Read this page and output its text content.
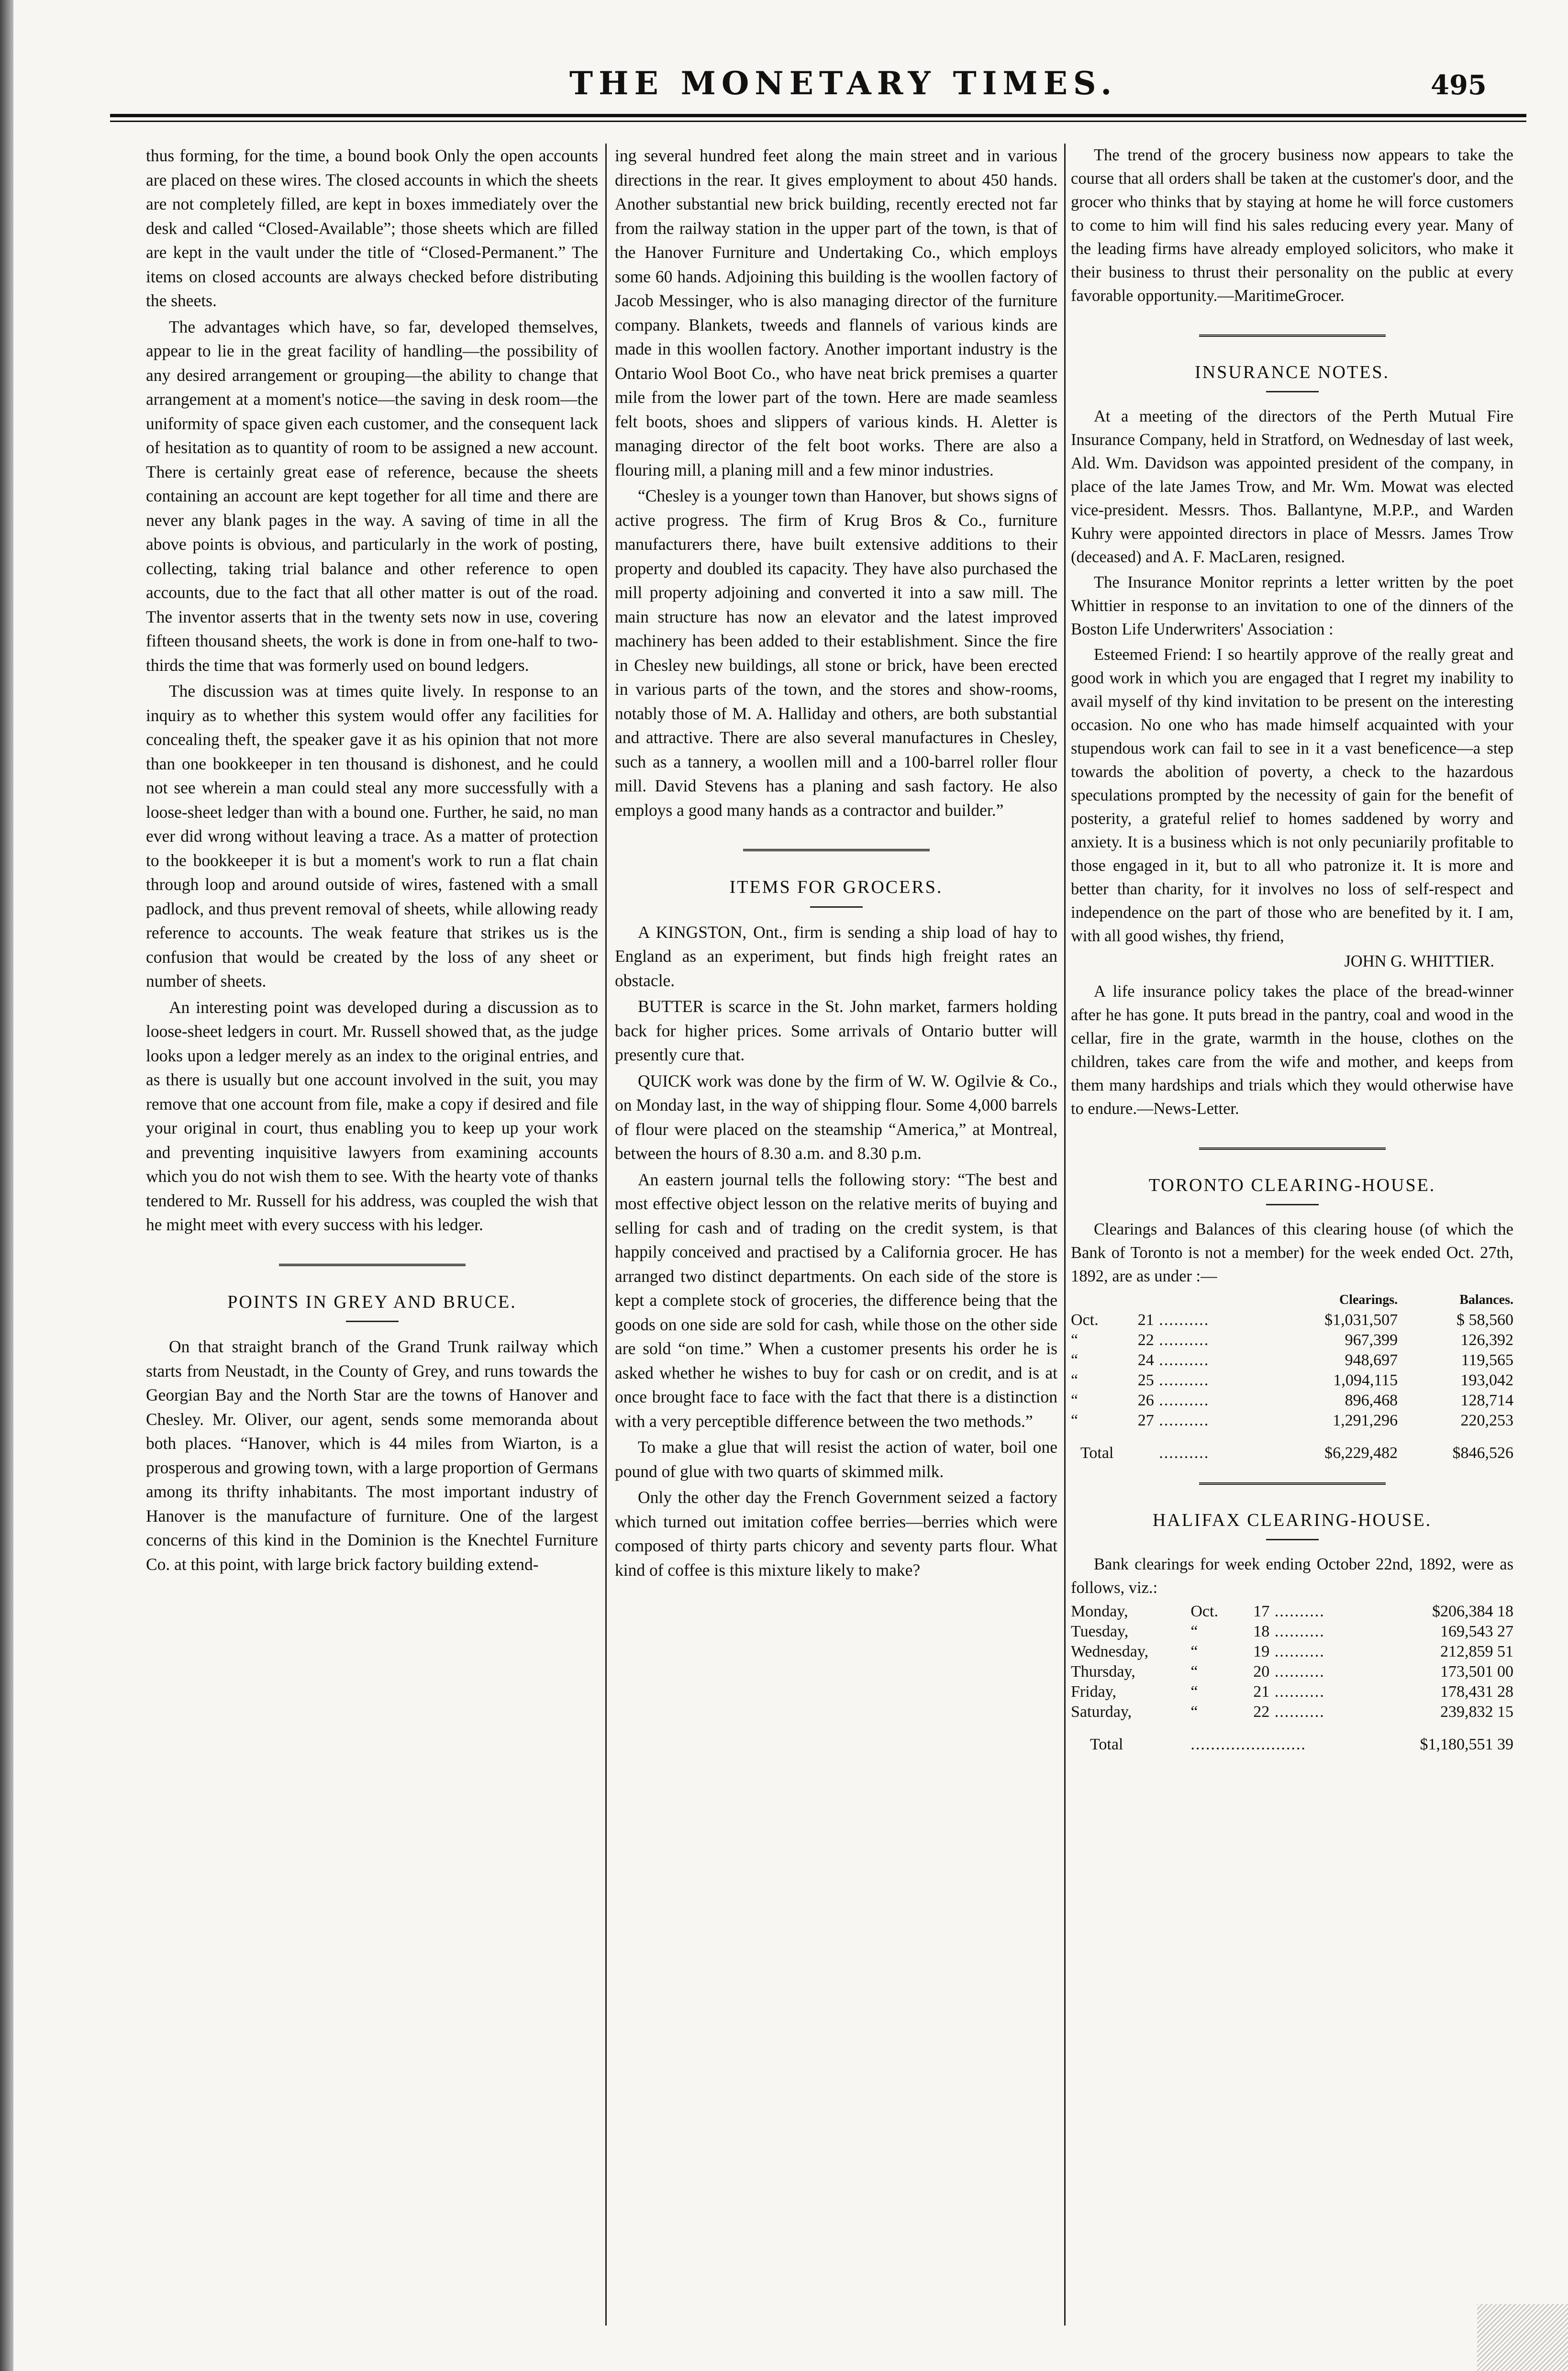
THE MONETARY TIMES.	495

thus forming, for the time, a bound book Only the open accounts are placed on these wires. The closed accounts in which the sheets are not completely filled, are kept in boxes immediately over the desk and called “Closed-Available”; those sheets which are filled are kept in the vault under the title of “Closed-Permanent.” The items on closed accounts are always checked before distributing the sheets.

The advantages which have, so far, developed themselves, appear to lie in the great facility of handling—the possibility of any desired arrangement or grouping—the ability to change that arrangement at a moment's notice—the saving in desk room—the uniformity of space given each customer, and the consequent lack of hesitation as to quantity of room to be assigned a new account. There is certainly great ease of reference, because the sheets containing an account are kept together for all time and there are never any blank pages in the way. A saving of time in all the above points is obvious, and particularly in the work of posting, collecting, taking trial balance and other reference to open accounts, due to the fact that all other matter is out of the road. The inventor asserts that in the twenty sets now in use, covering fifteen thousand sheets, the work is done in from one-half to two-thirds the time that was formerly used on bound ledgers.

The discussion was at times quite lively. In response to an inquiry as to whether this system would offer any facilities for concealing theft, the speaker gave it as his opinion that not more than one bookkeeper in ten thousand is dishonest, and he could not see wherein a man could steal any more successfully with a loose-sheet ledger than with a bound one. Further, he said, no man ever did wrong without leaving a trace. As a matter of protection to the bookkeeper it is but a moment's work to run a flat chain through loop and around outside of wires, fastened with a small padlock, and thus prevent removal of sheets, while allowing ready reference to accounts. The weak feature that strikes us is the confusion that would be created by the loss of any sheet or number of sheets.

An interesting point was developed during a discussion as to loose-sheet ledgers in court. Mr. Russell showed that, as the judge looks upon a ledger merely as an index to the original entries, and as there is usually but one account involved in the suit, you may remove that one account from file, make a copy if desired and file your original in court, thus enabling you to keep up your work and preventing inquisitive lawyers from examining accounts which you do not wish them to see. With the hearty vote of thanks tendered to Mr. Russell for his address, was coupled the wish that he might meet with every success with his ledger.

POINTS IN GREY AND BRUCE.

On that straight branch of the Grand Trunk railway which starts from Neustadt, in the County of Grey, and runs towards the Georgian Bay and the North Star are the towns of Hanover and Chesley. Mr. Oliver, our agent, sends some memoranda about both places. “Hanover, which is 44 miles from Wiarton, is a prosperous and growing town, with a large proportion of Germans among its thrifty inhabitants. The most important industry of Hanover is the manufacture of furniture. One of the largest concerns of this kind in the Dominion is the Knechtel Furniture Co. at this point, with large brick factory building extend-

ing several hundred feet along the main street and in various directions in the rear. It gives employment to about 450 hands. Another substantial new brick building, recently erected not far from the railway station in the upper part of the town, is that of the Hanover Furniture and Undertaking Co., which employs some 60 hands. Adjoining this building is the woollen factory of Jacob Messinger, who is also managing director of the furniture company. Blankets, tweeds and flannels of various kinds are made in this woollen factory. Another important industry is the Ontario Wool Boot Co., who have neat brick premises a quarter mile from the lower part of the town. Here are made seamless felt boots, shoes and slippers of various kinds. H. Aletter is managing director of the felt boot works. There are also a flouring mill, a planing mill and a few minor industries.

“Chesley is a younger town than Hanover, but shows signs of active progress. The firm of Krug Bros & Co., furniture manufacturers there, have built extensive additions to their property and doubled its capacity. They have also purchased the mill property adjoining and converted it into a saw mill. The main structure has now an elevator and the latest improved machinery has been added to their establishment. Since the fire in Chesley new buildings, all stone or brick, have been erected in various parts of the town, and the stores and show-rooms, notably those of M. A. Halliday and others, are both substantial and attractive. There are also several manufactures in Chesley, such as a tannery, a woollen mill and a 100-barrel roller flour mill. David Stevens has a planing and sash factory. He also employs a good many hands as a contractor and builder.”

ITEMS FOR GROCERS.

A KINGSTON, Ont., firm is sending a ship load of hay to England as an experiment, but finds high freight rates an obstacle.

BUTTER is scarce in the St. John market, farmers holding back for higher prices. Some arrivals of Ontario butter will presently cure that.

QUICK work was done by the firm of W. W. Ogilvie & Co., on Monday last, in the way of shipping flour. Some 4,000 barrels of flour were placed on the steamship “America,” at Montreal, between the hours of 8.30 a.m. and 8.30 p.m.

An eastern journal tells the following story: “The best and most effective object lesson on the relative merits of buying and selling for cash and of trading on the credit system, is that happily conceived and practised by a California grocer. He has arranged two distinct departments. On each side of the store is kept a complete stock of groceries, the difference being that the goods on one side are sold for cash, while those on the other side are sold “on time.” When a customer presents his order he is asked whether he wishes to buy for cash or on credit, and is at once brought face to face with the fact that there is a distinction with a very perceptible difference between the two methods.”

To make a glue that will resist the action of water, boil one pound of glue with two quarts of skimmed milk.

Only the other day the French Government seized a factory which turned out imitation coffee berries—berries which were composed of thirty parts chicory and seventy parts flour. What kind of coffee is this mixture likely to make?

The trend of the grocery business now appears to take the course that all orders shall be taken at the customer's door, and the grocer who thinks that by staying at home he will force customers to come to him will find his sales reducing every year. Many of the leading firms have already employed solicitors, who make it their business to thrust their personality on the public at every favorable opportunity.—MaritimeGrocer.

INSURANCE NOTES.

At a meeting of the directors of the Perth Mutual Fire Insurance Company, held in Stratford, on Wednesday of last week, Ald. Wm. Davidson was appointed president of the company, in place of the late James Trow, and Mr. Wm. Mowat was elected vice-president. Messrs. Thos. Ballantyne, M.P.P., and Warden Kuhry were appointed directors in place of Messrs. James Trow (deceased) and A. F. MacLaren, resigned.

The Insurance Monitor reprints a letter written by the poet Whittier in response to an invitation to one of the dinners of the Boston Life Underwriters' Association :

Esteemed Friend: I so heartily approve of the really great and good work in which you are engaged that I regret my inability to avail myself of thy kind invitation to be present on the interesting occasion. No one who has made himself acquainted with your stupendous work can fail to see in it a vast beneficence—a step towards the abolition of poverty, a check to the hazardous speculations prompted by the necessity of gain for the benefit of posterity, a grateful relief to homes saddened by worry and anxiety. It is a business which is not only pecuniarily profitable to those engaged in it, but to all who patronize it. It is more and better than charity, for it involves no loss of self-respect and independence on the part of those who are benefited by it. I am, with all good wishes, thy friend,

JOHN G. WHITTIER.

A life insurance policy takes the place of the bread-winner after he has gone. It puts bread in the pantry, coal and wood in the cellar, fire in the grate, warmth in the house, clothes on the children, takes care from the wife and mother, and keeps from them many hardships and trials which they would otherwise have to endure.—News-Letter.

TORONTO CLEARING-HOUSE.

Clearings and Balances of this clearing house (of which the Bank of Toronto is not a member) for the week ended Oct. 27th, 1892, are as under :—

			Clearings.	Balances.
Oct.	21	..........	$1,031,507	$ 58,560
“	22	..........	967,399	126,392
“	24	..........	948,697	119,565
“	25	..........	1,094,115	193,042
“	26	..........	896,468	128,714
“	27	..........	1,291,296	220,253
Total		..........	$6,229,482	$846,526
HALIFAX CLEARING-HOUSE.

Bank clearings for week ending October 22nd, 1892, were as follows, viz.:

Monday,	Oct.	17	..........	$206,384 18
Tuesday,	“	18	..........	169,543 27
Wednesday,	“	19	..........	212,859 51
Thursday,	“	20	..........	173,501 00
Friday,	“	21	..........	178,431 28
Saturday,	“	22	..........	239,832 15
Total	.......................			$1,180,551 39
